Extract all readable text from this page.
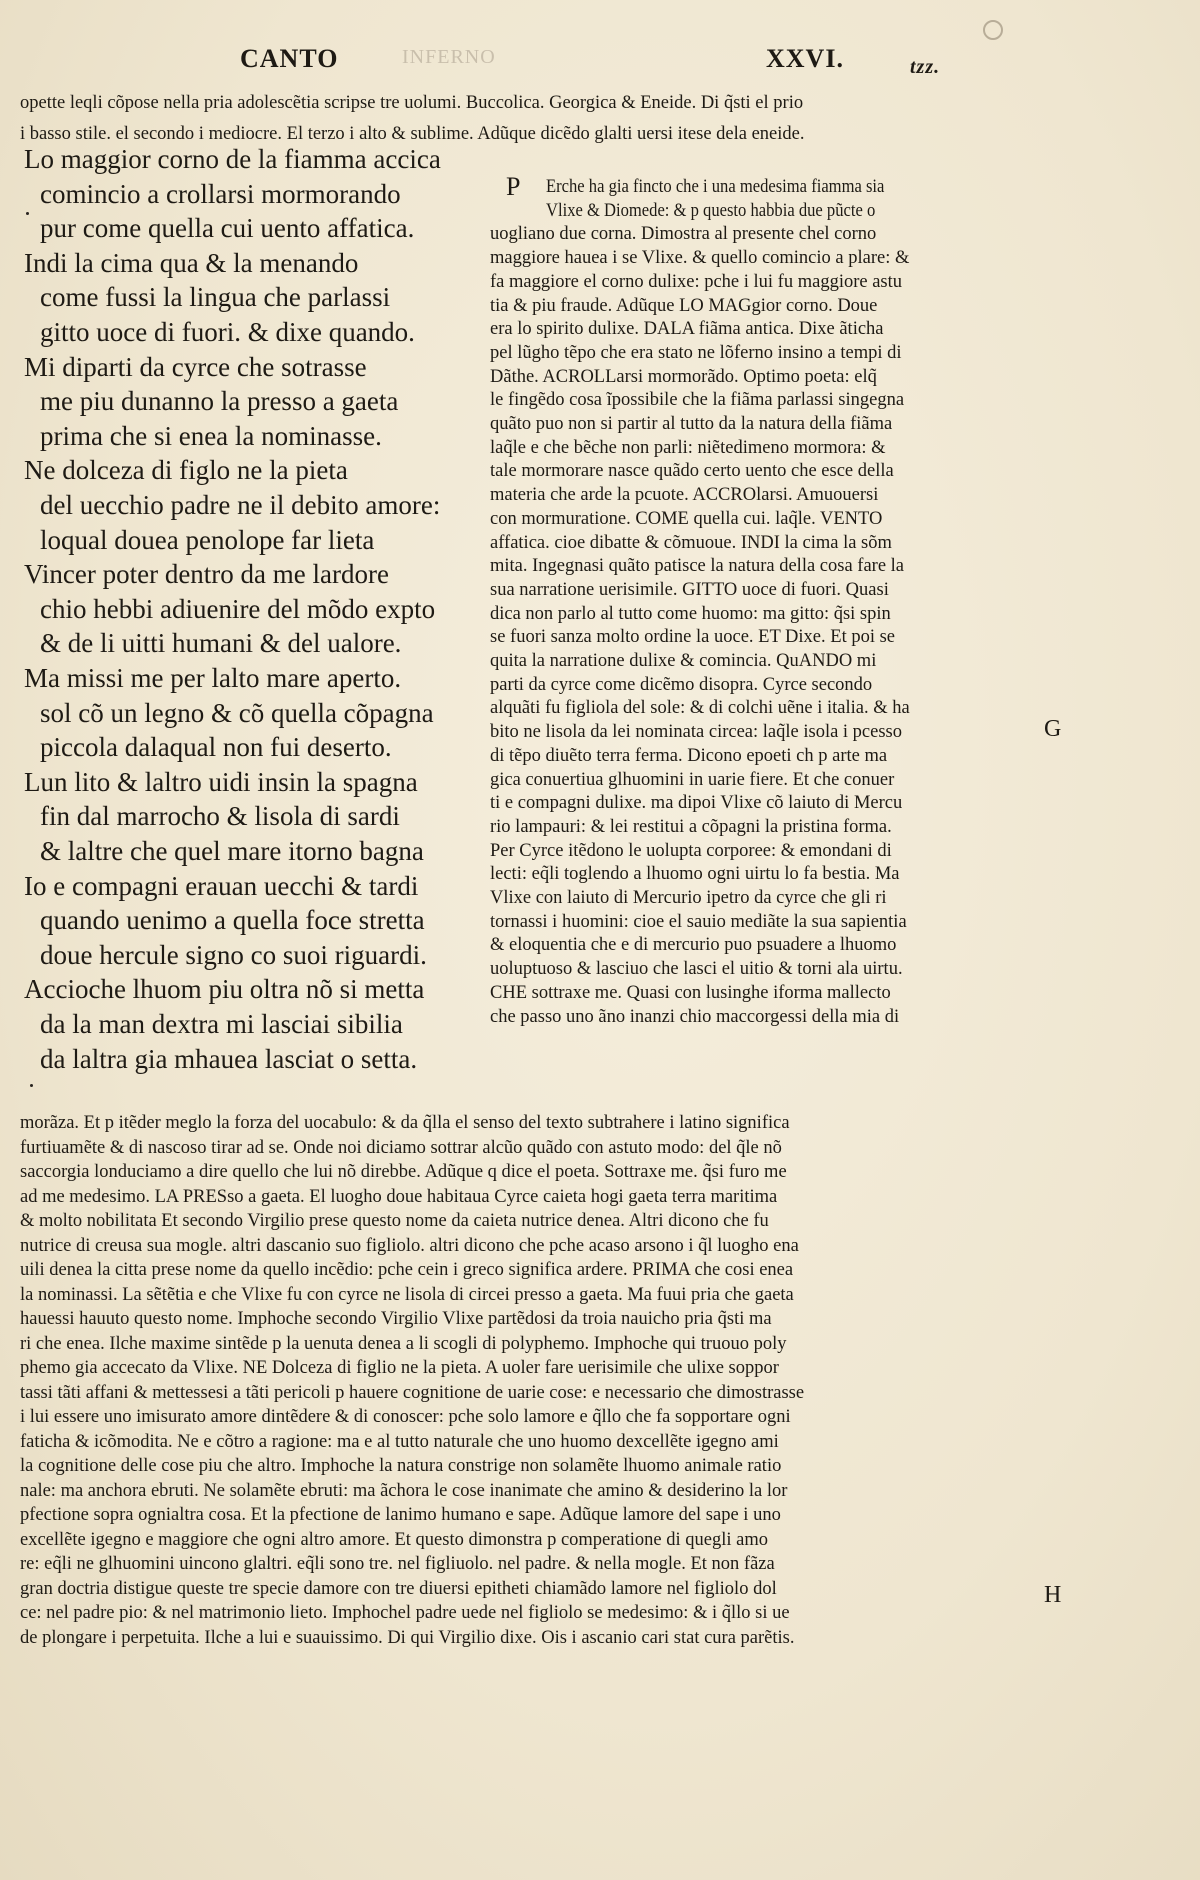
CANTO	INFERNO	XXVI.	tzz.
opette leqli cõpose nella pria adolescẽtia scripse tre uolumi. Buccolica. Georgica & Eneide. Di q̃sti el prio
i basso stile. el secondo i mediocre. El terzo i alto & sublime. Adũque dicẽdo glalti uersi itese dela eneide.
Lo maggior corno de la fiamma accica
comincio a crollarsi mormorando
pur come quella cui uento affatica.
Indi la cima qua & la menando
come fussi la lingua che parlassi
gitto uoce di fuori. & dixe quando.
Mi diparti da cyrce che sotrasse
me piu dunanno la presso a gaeta
prima che si enea la nominasse.
Ne dolceza di figlo ne la pieta
del uecchio padre ne il debito amore:
loqual douea penolope far lieta
Vincer poter dentro da me lardore
chio hebbi adiuenire del mõdo expto
& de li uitti humani & del ualore.
Ma missi me per lalto mare aperto.
sol cõ un legno & cõ quella cõpagna
piccola dalaqual non fui deserto.
Lun lito & laltro uidi insin la spagna
fin dal marrocho & lisola di sardi
& laltre che quel mare itorno bagna
Io e compagni erauan uecchi & tardi
quando uenimo a quella foce stretta
doue hercule signo co suoi riguardi.
Accioche lhuom piu oltra nõ si metta
da la man dextra mi lasciai sibilia
da laltra gia mhauea lasciat o setta.
P Erche ha gia fincto che i una medesima fiamma sia
Vlixe & Diomede: & p questo habbia due pũcte o
uogliano due corna. Dimostra al presente chel corno
maggiore hauea i se Vlixe. & quello comincio a plare: &
fa maggiore el corno dulixe: pche i lui fu maggiore astu
tia & piu fraude. Adũque LO MAGgior corno. Doue
era lo spirito dulixe. DALA fiãma antica. Dixe ãticha
pel lũgho tẽpo che era stato ne lõferno insino a tempi di
Dãthe. ACROLLarsi mormorãdo. Optimo poeta: elq̃
le fingẽdo cosa ĩpossibile che la fiãma parlassi singegna
quãto puo non si partir al tutto da la natura della fiãma
laq̃le e che bẽche non parli: niẽtedimeno mormora: &
tale mormorare nasce quãdo certo uento che esce della
materia che arde la pcuote. ACCROlarsi. Amuouersi
con mormuratione. COME quella cui. laq̃le. VENTO
affatica. cioe dibatte & cõmuoue. INDI la cima la sõm
mita. Ingegnasi quãto patisce la natura della cosa fare la
sua narratione uerisimile. GITTO uoce di fuori. Quasi
dica non parlo al tutto come huomo: ma gitto: q̃si spin
se fuori sanza molto ordine la uoce. ET Dixe. Et poi se
quita la narratione dulixe & comincia. QuANDO mi
parti da cyrce come dicẽmo disopra. Cyrce secondo
alquãti fu figliola del sole: & di colchi uẽne i italia. & ha
bito ne lisola da lei nominata circea: laq̃le isola i pcesso
di tẽpo diuẽto terra ferma. Dicono epoeti ch p arte ma
gica conuertiua glhuomini in uarie fiere. Et che conuer
ti e compagni dulixe. ma dipoi Vlixe cõ laiuto di Mercu
rio lampauri: & lei restitui a cõpagni la pristina forma.
Per Cyrce itẽdono le uolupta corporee: & emondani di
lecti: eq̃li toglendo a lhuomo ogni uirtu lo fa bestia. Ma
Vlixe con laiuto di Mercurio ipetro da cyrce che gli ri
tornassi i huomini: cioe el sauio mediãte la sua sapientia
& eloquentia che e di mercurio puo psuadere a lhuomo
uoluptuoso & lasciuo che lasci el uitio & torni ala uirtu.
CHE sottraxe me. Quasi con lusinghe iforma mallecto
che passo uno ãno inanzi chio maccorgessi della mia di
morãza. Et p itẽder meglo la forza del uocabulo: & da q̃lla el senso del texto subtrahere i latino significa
furtiuamẽte & di nascoso tirar ad se. Onde noi diciamo sottrar alcũo quãdo con astuto modo: del q̃le nõ
saccorgia londuciamo a dire quello che lui nõ direbbe. Adũque q dice el poeta. Sottraxe me. q̃si furo me
ad me medesimo. LA PRESso a gaeta. El luogho doue habitaua Cyrce caieta hogi gaeta terra maritima
& molto nobilitata Et secondo Virgilio prese questo nome da caieta nutrice denea. Altri dicono che fu
nutrice di creusa sua mogle. altri dascanio suo figliolo. altri dicono che pche acaso arsono i q̃l luogho ena
uili denea la citta prese nome da quello incẽdio: pche cein i greco significa ardere. PRIMA che cosi enea
la nominassi. La sẽtẽtia e che Vlixe fu con cyrce ne lisola di circei presso a gaeta. Ma fuui pria che gaeta
hauessi hauuto questo nome. Imphoche secondo Virgilio Vlixe partẽdosi da troia nauicho pria q̃sti ma
ri che enea. Ilche maxime sintẽde p la uenuta denea a li scogli di polyphemo. Imphoche qui truouo poly
phemo gia accecato da Vlixe. NE Dolceza di figlio ne la pieta. A uoler fare uerisimile che ulixe soppor
tassi tãti affani & mettessesi a tãti pericoli p hauere cognitione de uarie cose: e necessario che dimostrasse
i lui essere uno imisurato amore dintẽdere & di conoscer: pche solo lamore e q̃llo che fa sopportare ogni
faticha & icõmodita. Ne e cõtro a ragione: ma e al tutto naturale che uno huomo dexcellẽte igegno ami
la cognitione delle cose piu che altro. Imphoche la natura constrige non solamẽte lhuomo animale ratio
nale: ma anchora ebruti. Ne solamẽte ebruti: ma ãchora le cose inanimate che amino & desiderino la lor
pfectione sopra ognialtra cosa. Et la pfectione de lanimo humano e sape. Adũque lamore del sape i uno
excellẽte igegno e maggiore che ogni altro amore. Et questo dimonstra p comperatione di quegli amo
re: eq̃li ne glhuomini uincono glaltri. eq̃li sono tre. nel figliuolo. nel padre. & nella mogle. Et non fãza
gran doctria distigue queste tre specie damore con tre diuersi epitheti chiamãdo lamore nel figliolo dol
ce: nel padre pio: & nel matrimonio lieto. Imphochel padre uede nel figliolo se medesimo: & i q̃llo si ue
de plongare i perpetuita. Ilche a lui e suauissimo. Di qui Virgilio dixe. Ois i ascanio cari stat cura parẽtis.
G
H
